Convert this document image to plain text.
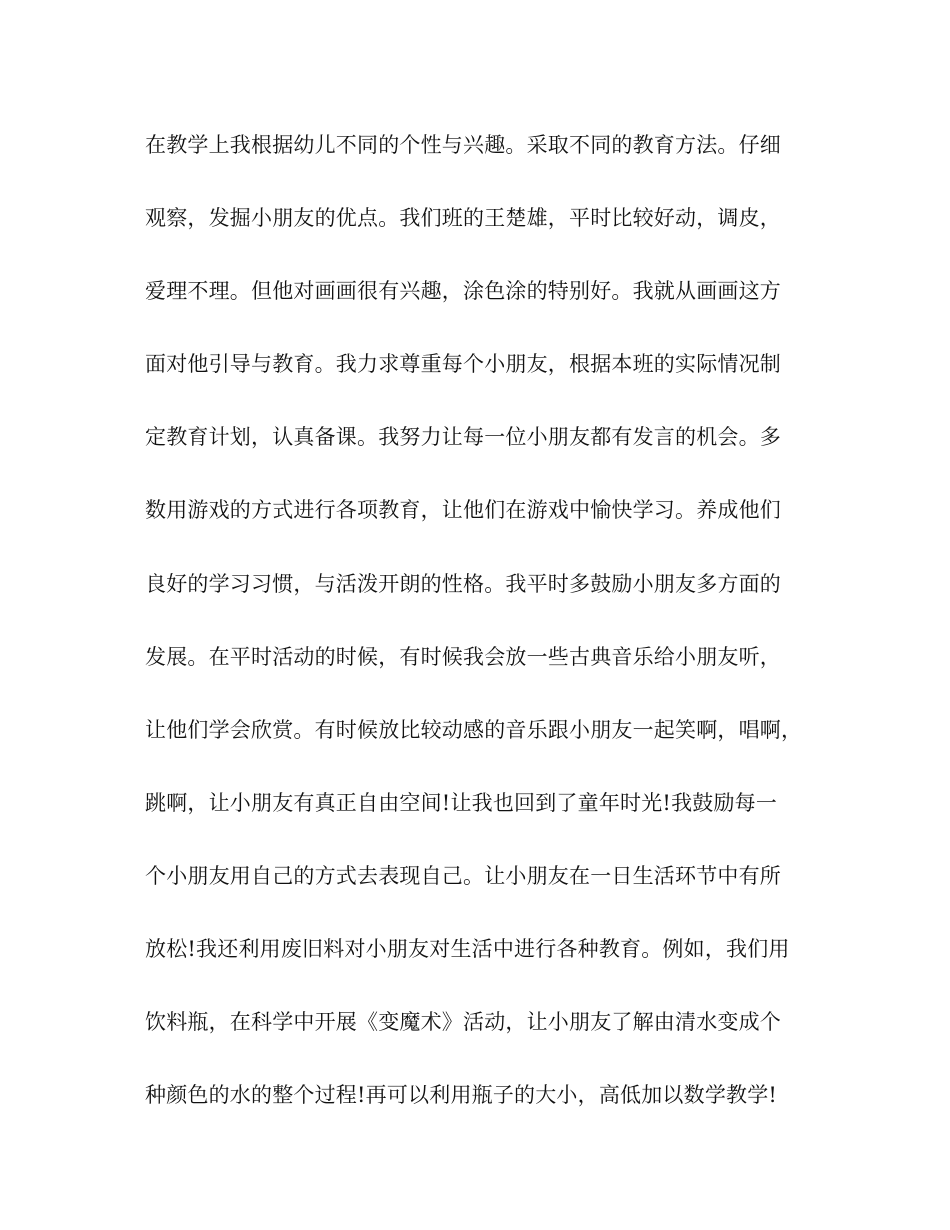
在教学上我根据幼儿不同的个性与兴趣。采取不同的教育方法。仔细
观察，发掘小朋友的优点。我们班的王楚雄，平时比较好动，调皮，
爱理不理。但他对画画很有兴趣，涂色涂的特别好。我就从画画这方
面对他引导与教育。我力求尊重每个小朋友，根据本班的实际情况制
定教育计划，认真备课。我努力让每一位小朋友都有发言的机会。多
数用游戏的方式进行各项教育，让他们在游戏中愉快学习。养成他们
良好的学习习惯，与活泼开朗的性格。我平时多鼓励小朋友多方面的
发展。在平时活动的时候，有时候我会放一些古典音乐给小朋友听，
让他们学会欣赏。有时候放比较动感的音乐跟小朋友一起笑啊，唱啊，
跳啊，让小朋友有真正自由空间!让我也回到了童年时光!我鼓励每一
个小朋友用自己的方式去表现自己。让小朋友在一日生活环节中有所
放松!我还利用废旧料对小朋友对生活中进行各种教育。例如，我们用
饮料瓶，在科学中开展《变魔术》活动，让小朋友了解由清水变成个
种颜色的水的整个过程!再可以利用瓶子的大小，高低加以数学教学!
